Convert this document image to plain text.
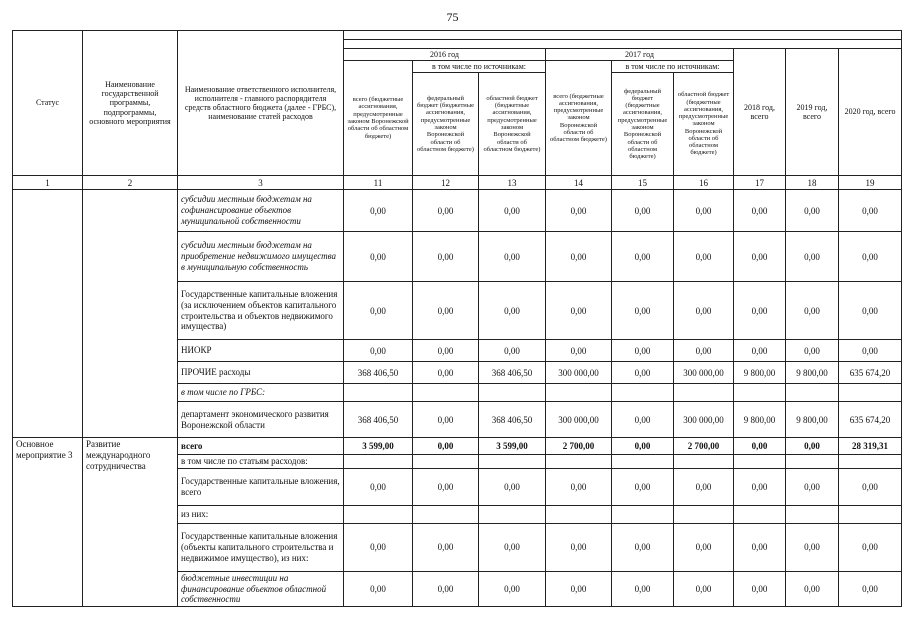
75
Статус	Наименование государственной программы, подпрограммы, основного мероприятия	Наименование ответственного исполнителя, исполнителя - главного распорядителя средств областного бюджета (далее - ГРБС), наименование статей расходов									

			2016 год			2017 год			2018 год, всего	2019 год, всего	2020 год, всего
			всего (бюджетные ассигнования, предусмотренные законом Воронежской области об областном бюджете)	в том числе по источникам:		всего (бюджетные ассигнования, предусмотренные законом Воронежской области об областном бюджете)	в том числе по источникам:				
				федеральный бюджет (бюджетные ассигнования, предусмотренные законом Воронежской области об областном бюджете)	областной бюджет (бюджетные ассигнования, предусмотренные законом Воронежской области об областном бюджете)		федеральный бюджет (бюджетные ассигнования, предусмотренные законом Воронежской области об областном бюджете)	областной бюджет (бюджетные ассигнования, предусмотренные законом Воронежской области об областном бюджете)			
1	2	3	11	12	13	14	15	16	17	18	19
		субсидии местным бюджетам на софинансирование объектов муниципальной собственности	0,00	0,00	0,00	0,00	0,00	0,00	0,00	0,00	0,00
		субсидии местным бюджетам на приобретение недвижимого имущества в муниципальную собственность	0,00	0,00	0,00	0,00	0,00	0,00	0,00	0,00	0,00
		Государственные капитальные вложения (за исключением объектов капитального строительства и объектов недвижимого имущества)	0,00	0,00	0,00	0,00	0,00	0,00	0,00	0,00	0,00
		НИОКР	0,00	0,00	0,00	0,00	0,00	0,00	0,00	0,00	0,00
		ПРОЧИЕ расходы	368 406,50	0,00	368 406,50	300 000,00	0,00	300 000,00	9 800,00	9 800,00	635 674,20
		в том числе по ГРБС:									
		департамент экономического развития Воронежской области	368 406,50	0,00	368 406,50	300 000,00	0,00	300 000,00	9 800,00	9 800,00	635 674,20
Основное мероприятие 3	Развитие международного сотрудничества	всего	3 599,00	0,00	3 599,00	2 700,00	0,00	2 700,00	0,00	0,00	28 319,31
		в том числе по статьям расходов:									
		Государственные капитальные вложения, всего	0,00	0,00	0,00	0,00	0,00	0,00	0,00	0,00	0,00
		из них:									
		Государственные капитальные вложения (объекты капитального строительства и недвижимое имущество), из них:	0,00	0,00	0,00	0,00	0,00	0,00	0,00	0,00	0,00
		бюджетные инвестиции на финансирование объектов областной собственности	0,00	0,00	0,00	0,00	0,00	0,00	0,00	0,00	0,00
